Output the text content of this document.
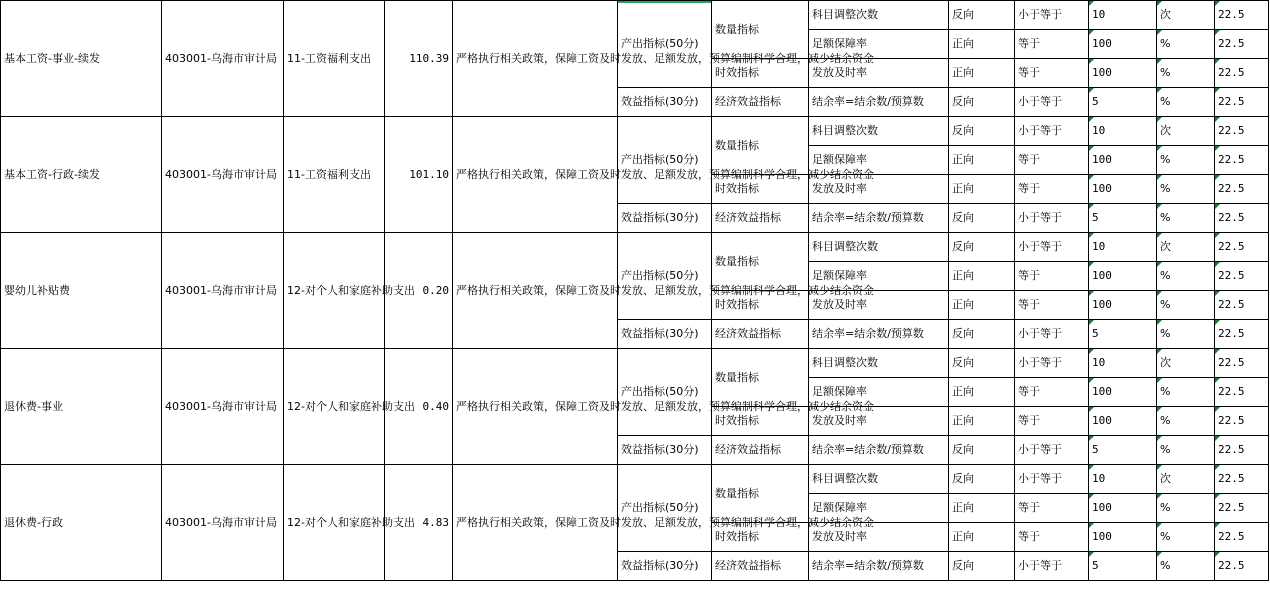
基本工资-事业-续发	403001-乌海市审计局	11-工资福利支出	110.39	严格执行相关政策，保障工资及时发放、足额发放，预算编制科学合理，减少结余资金	产出指标(50分)	数量指标	科目调整次数	反向	小于等于	10	次	22.5
							足额保障率	正向	等于	100	%	22.5
						时效指标	发放及时率	正向	等于	100	%	22.5
					效益指标(30分)	经济效益指标	结余率=结余数/预算数	反向	小于等于	5	%	22.5
基本工资-行政-续发	403001-乌海市审计局	11-工资福利支出	101.10	严格执行相关政策，保障工资及时发放、足额发放，预算编制科学合理，减少结余资金	产出指标(50分)	数量指标	科目调整次数	反向	小于等于	10	次	22.5
							足额保障率	正向	等于	100	%	22.5
						时效指标	发放及时率	正向	等于	100	%	22.5
					效益指标(30分)	经济效益指标	结余率=结余数/预算数	反向	小于等于	5	%	22.5
婴幼儿补贴费	403001-乌海市审计局	12-对个人和家庭补助支出	0.20	严格执行相关政策，保障工资及时发放、足额发放，预算编制科学合理，减少结余资金	产出指标(50分)	数量指标	科目调整次数	反向	小于等于	10	次	22.5
							足额保障率	正向	等于	100	%	22.5
						时效指标	发放及时率	正向	等于	100	%	22.5
					效益指标(30分)	经济效益指标	结余率=结余数/预算数	反向	小于等于	5	%	22.5
退休费-事业	403001-乌海市审计局	12-对个人和家庭补助支出	0.40	严格执行相关政策，保障工资及时发放、足额发放，预算编制科学合理，减少结余资金	产出指标(50分)	数量指标	科目调整次数	反向	小于等于	10	次	22.5
							足额保障率	正向	等于	100	%	22.5
						时效指标	发放及时率	正向	等于	100	%	22.5
					效益指标(30分)	经济效益指标	结余率=结余数/预算数	反向	小于等于	5	%	22.5
退休费-行政	403001-乌海市审计局	12-对个人和家庭补助支出	4.83	严格执行相关政策，保障工资及时发放、足额发放，预算编制科学合理，减少结余资金	产出指标(50分)	数量指标	科目调整次数	反向	小于等于	10	次	22.5
							足额保障率	正向	等于	100	%	22.5
						时效指标	发放及时率	正向	等于	100	%	22.5
					效益指标(30分)	经济效益指标	结余率=结余数/预算数	反向	小于等于	5	%	22.5
